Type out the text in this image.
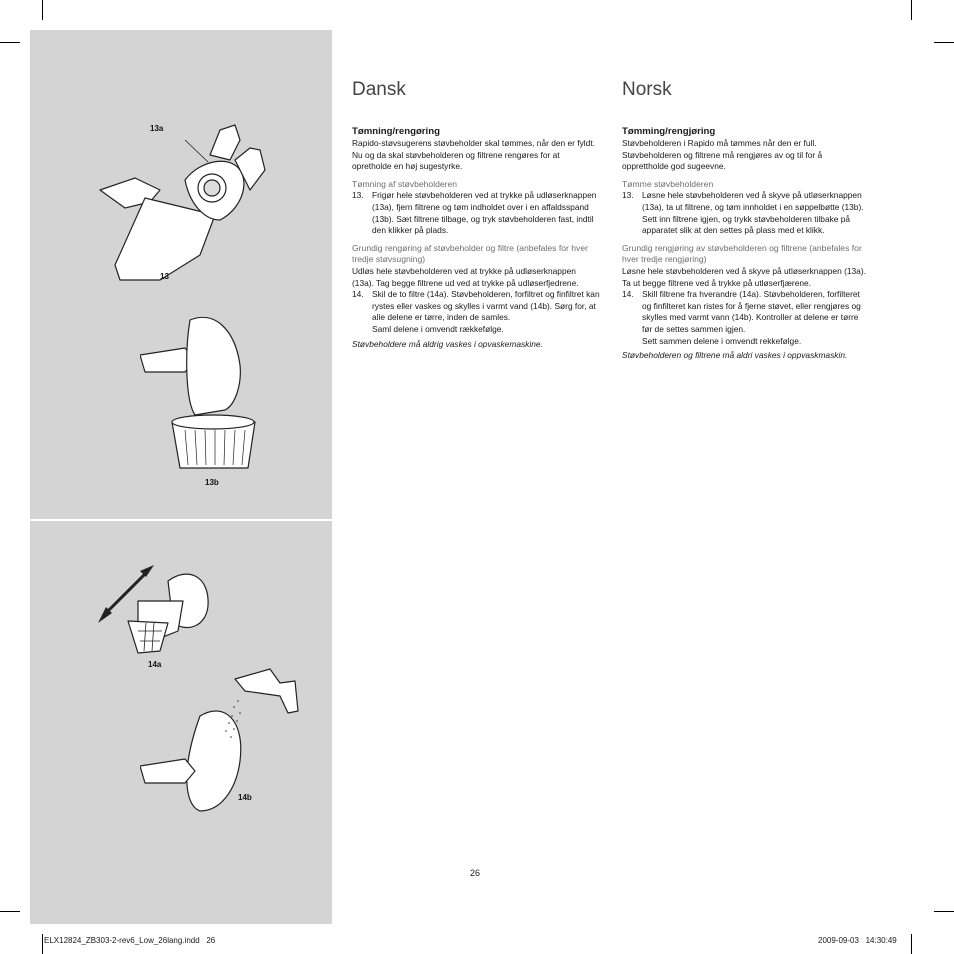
13a
13
13b
14a
14b
Dansk

Tømning/rengøring

Rapido-støvsugerens støvbeholder skal tømmes, når den er fyldt. Nu og da skal støvbeholderen og filtrene rengøres for at opretholde en høj sugestyrke.

Tømning af støvbeholderen

13. Frigør hele støvbeholderen ved at trykke på udløserknappen (13a), fjern filtrene og tøm indholdet over i en affaldsspand (13b). Sæt filtrene tilbage, og tryk støvbeholderen fast, indtil den klikker på plads.

Grundig rengøring af støvbeholder og filtre (anbefales for hver tredje støvsugning)

Udløs hele støvbeholderen ved at trykke på udløserknappen (13a). Tag begge filtrene ud ved at trykke på udløserfjedrene.

14. Skil de to filtre (14a). Støvbeholderen, forfiltret og finfiltret kan rystes eller vaskes og skylles i varmt vand (14b). Sørg for, at alle delene er tørre, inden de samles.
Saml delene i omvendt rækkefølge.

Støvbeholdere må aldrig vaskes i opvaskemaskine.

Norsk

Tømming/rengjøring

Støvbeholderen i Rapido må tømmes når den er full. Støvbeholderen og filtrene må rengjøres av og til for å opprettholde god sugeevne.

Tømme støvbeholderen

13. Løsne hele støvbeholderen ved å skyve på utløserknappen (13a), ta ut filtrene, og tøm innholdet i en søppelbøtte (13b). Sett inn filtrene igjen, og trykk støvbeholderen tilbake på apparatet slik at den settes på plass med et klikk.

Grundig rengjøring av støvbeholderen og filtrene (anbefales for hver tredje rengjøring)

Løsne hele støvbeholderen ved å skyve på utløserknappen (13a). Ta ut begge filtrene ved å trykke på utløserfjærene.

14. Skill filtrene fra hverandre (14a). Støvbeholderen, forfilteret og finfilteret kan ristes for å fjerne støvet, eller rengjøres og skylles med varmt vann (14b). Kontroller at delene er tørre før de settes sammen igjen.
Sett sammen delene i omvendt rekkefølge.

Støvbeholderen og filtrene må aldri vaskes i oppvaskmaskin.

26
ELX12824_ZB303-2-rev6_Low_26lang.indd   26	2009-09-03   14:30:49
